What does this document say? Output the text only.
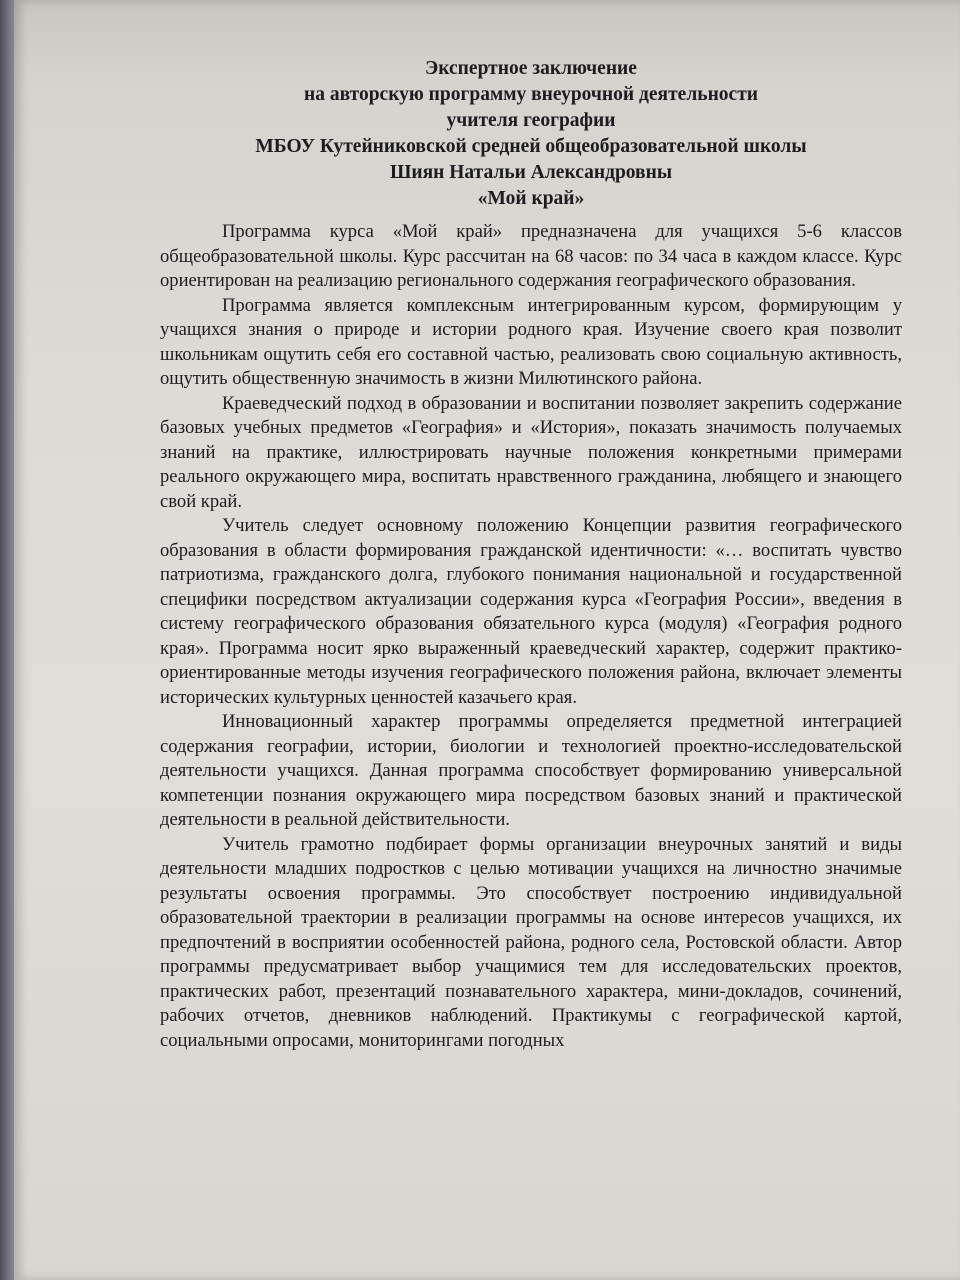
Экспертное заключение
на авторскую программу внеурочной деятельности
учителя географии
МБОУ Кутейниковской средней общеобразовательной школы
Шиян Натальи Александровны
«Мой край»

Программа курса «Мой край» предназначена для учащихся 5-6 классов общеобразовательной школы. Курс рассчитан на 68 часов: по 34 часа в каждом классе. Курс ориентирован на реализацию регионального содержания географического образования.

Программа является комплексным интегрированным курсом, формирующим у учащихся знания о природе и истории родного края. Изучение своего края позволит школьникам ощутить себя его составной частью, реализовать свою социальную активность, ощутить общественную значимость в жизни Милютинского района.

Краеведческий подход в образовании и воспитании позволяет закрепить содержание базовых учебных предметов «География» и «История», показать значимость получаемых знаний на практике, иллюстрировать научные положения конкретными примерами реального окружающего мира, воспитать нравственного гражданина, любящего и знающего свой край.

Учитель следует основному положению Концепции развития географического образования в области формирования гражданской идентичности: «… воспитать чувство патриотизма, гражданского долга, глубокого понимания национальной и государственной специфики посредством актуализации содержания курса «География России», введения в систему географического образования обязательного курса (модуля) «География родного края». Программа носит ярко выраженный краеведческий характер, содержит практико-ориентированные методы изучения географического положения района, включает элементы исторических культурных ценностей казачьего края.

Инновационный характер программы определяется предметной интеграцией содержания географии, истории, биологии и технологией проектно-исследовательской деятельности учащихся. Данная программа способствует формированию универсальной компетенции познания окружающего мира посредством базовых знаний и практической деятельности в реальной действительности.

Учитель грамотно подбирает формы организации внеурочных занятий и виды деятельности младших подростков с целью мотивации учащихся на личностно значимые результаты освоения программы. Это способствует построению индивидуальной образовательной траектории в реализации программы на основе интересов учащихся, их предпочтений в восприятии особенностей района, родного села, Ростовской области. Автор программы предусматривает выбор учащимися тем для исследовательских проектов, практических работ, презентаций познавательного характера, мини-докладов, сочинений, рабочих отчетов, дневников наблюдений. Практикумы с географической картой, социальными опросами, мониторингами погодных
